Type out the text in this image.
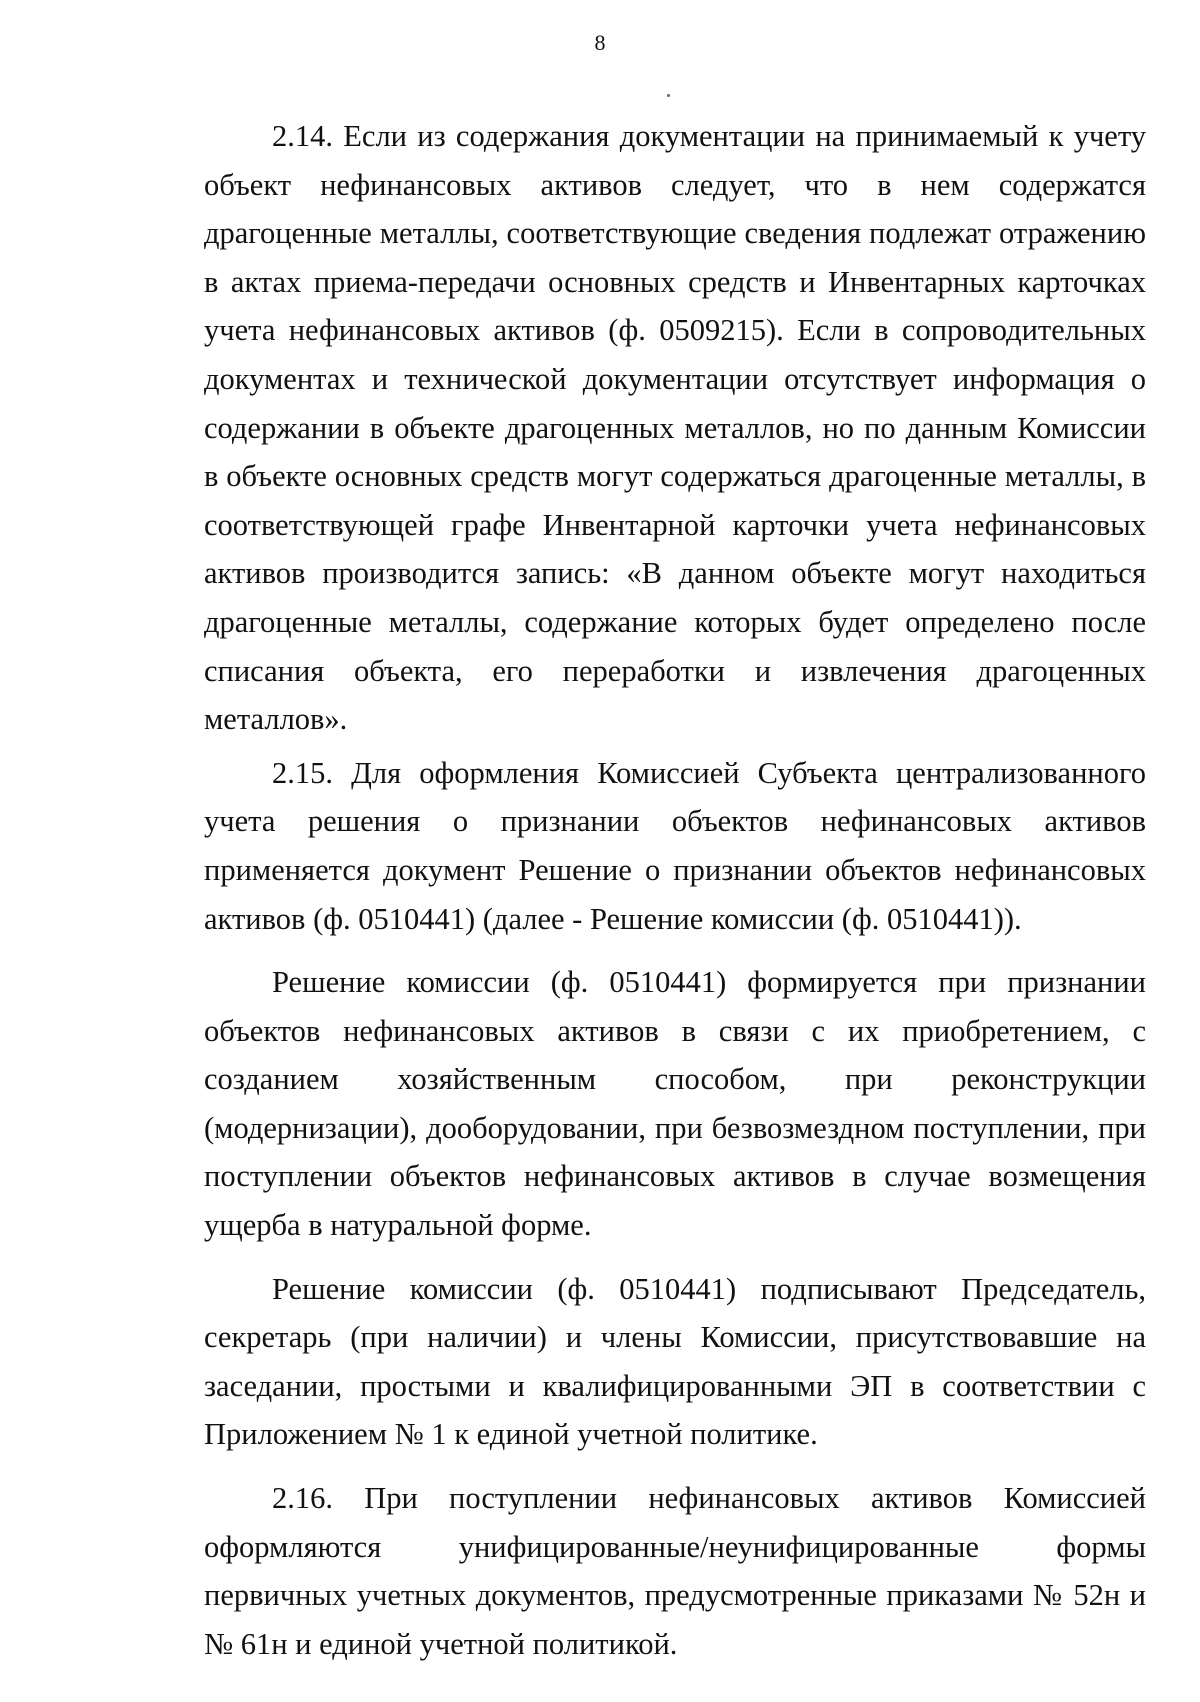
8

2.14. Если из содержания документации на принимаемый к учету объект нефинансовых активов следует, что в нем содержатся драгоценные металлы, соответствующие сведения подлежат отражению в актах приема-передачи основных средств и Инвентарных карточках учета нефинансовых активов (ф. 0509215). Если в сопроводительных документах и технической документации отсутствует информация о содержании в объекте драгоценных металлов, но по данным Комиссии в объекте основных средств могут содержаться драгоценные металлы, в соответствующей графе Инвентарной карточки учета нефинансовых активов производится запись: «В данном объекте могут находиться драгоценные металлы, содержание которых будет определено после списания объекта, его переработки и извлечения драгоценных металлов».

2.15. Для оформления Комиссией Субъекта централизованного учета решения о признании объектов нефинансовых активов применяется документ Решение о признании объектов нефинансовых активов (ф. 0510441) (далее - Решение комиссии (ф. 0510441)).

Решение комиссии (ф. 0510441) формируется при признании объектов нефинансовых активов в связи с их приобретением, с созданием хозяйственным способом, при реконструкции (модернизации), дооборудовании, при безвозмездном поступлении, при поступлении объектов нефинансовых активов в случае возмещения ущерба в натуральной форме.

Решение комиссии (ф. 0510441) подписывают Председатель, секретарь (при наличии) и члены Комиссии, присутствовавшие на заседании, простыми и квалифицированными ЭП в соответствии с Приложением № 1 к единой учетной политике.

2.16. При поступлении нефинансовых активов Комиссией оформляются унифицированные/неунифицированные формы первичных учетных документов, предусмотренные приказами № 52н и № 61н и единой учетной политикой.
